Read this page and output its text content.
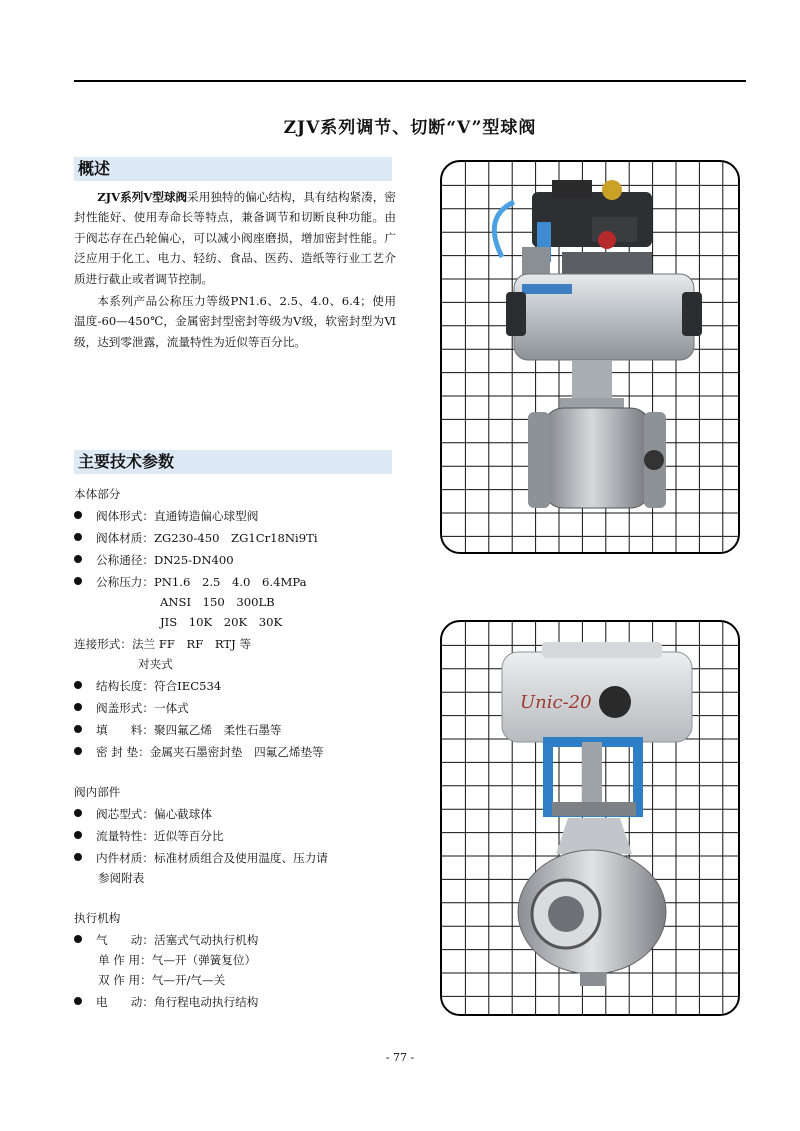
ZJV系列调节、切断“V”型球阀
概述

ZJV系列V型球阀采用独特的偏心结构，具有结构紧凑，密封性能好、使用寿命长等特点，兼备调节和切断良种功能。由于阀芯存在凸轮偏心，可以减小阀座磨损，增加密封性能。广泛应用于化工、电力、轻纺、食品、医药、造纸等行业工艺介质进行截止或者调节控制。

本系列产品公称压力等级PN1.6、2.5、4.0、6.4；使用温度-60—450℃，金属密封型密封等级为Ⅴ级，软密封型为Ⅵ级，达到零泄露，流量特性为近似等百分比。

主要技术参数
本体部分
阀体形式：直通铸造偏心球型阀
阀体材质：ZG230-450　ZG1Cr18Ni9Ti
公称通径：DN25-DN400
公称压力：PN1.6　2.5　4.0　6.4MPa
ANSI　150　300LB
JIS　10K　20K　30K
连接形式：法兰 FF　RF　RTJ 等
对夹式
结构长度：符合IEC534
阀盖形式：一体式
填　　料：聚四氟乙烯　柔性石墨等
密 封 垫：金属夹石墨密封垫　四氟乙烯垫等
阀内部件
阀芯型式：偏心截球体
流量特性：近似等百分比
内件材质：标准材质组合及使用温度、压力请
参阅附表
执行机构
气　　动：活塞式气动执行机构
单 作 用：气—开（弹簧复位）
双 作 用：气—开/气—关
电　　动：角行程电动执行结构
Unic-20
- 77 -
